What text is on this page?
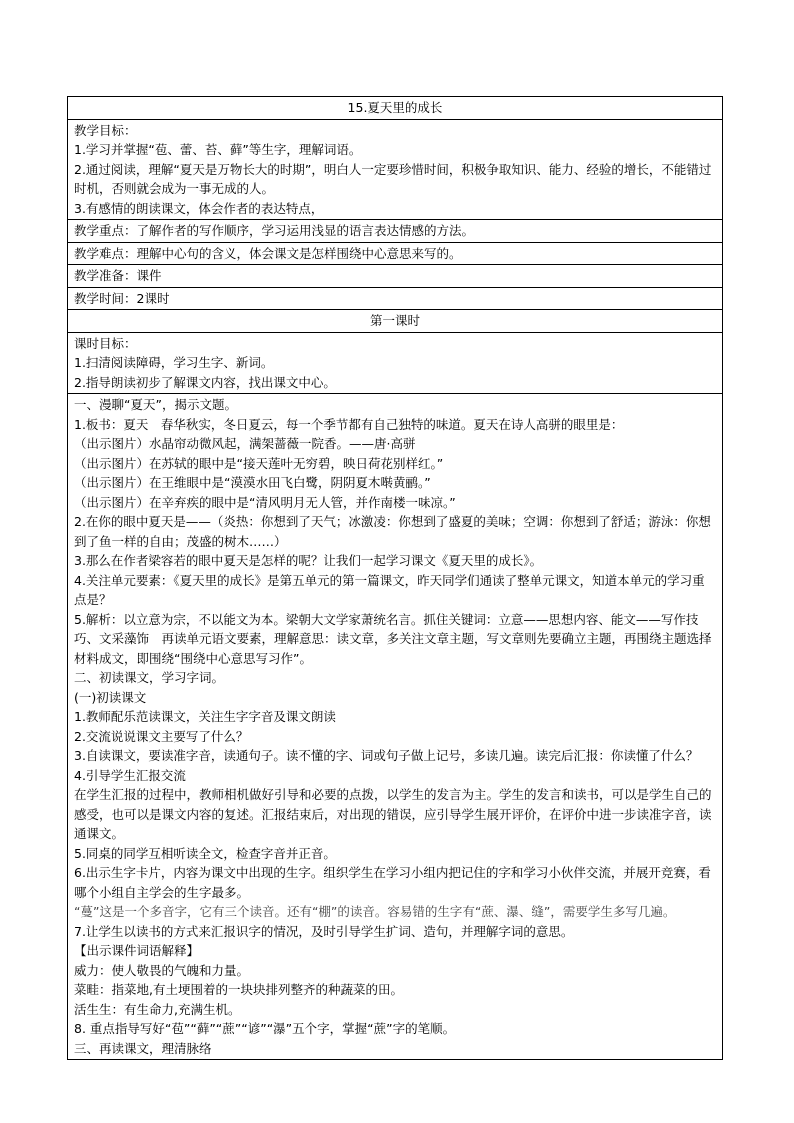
15.夏天里的成长

教学目标：
1.学习并掌握“苞、蕾、苔、藓”等生字，理解词语。
2.通过阅读，理解“夏天是万物长大的时期”，明白人一定要珍惜时间，积极争取知识、能力、经验的增长，不能错过时机，否则就会成为一事无成的人。
3.有感情的朗读课文，体会作者的表达特点，

教学重点：了解作者的写作顺序，学习运用浅显的语言表达情感的方法。
教学难点：理解中心句的含义，体会课文是怎样围绕中心意思来写的。
教学准备：课件
教学时间：2课时
第一课时

课时目标：
1.扫清阅读障碍，学习生字、新词。
2.指导朗读初步了解课文内容，找出课文中心。

一、漫聊“夏天”，揭示文题。
1.板书：夏天　春华秋实，冬日夏云，每一个季节都有自己独特的味道。夏天在诗人高骈的眼里是：
（出示图片）水晶帘动微风起，满架蔷薇一院香。——唐·高骈
（出示图片）在苏轼的眼中是“接天莲叶无穷碧，映日荷花别样红。”
（出示图片）在王维眼中是“漠漠水田飞白鹭，阴阴夏木啭黄鹂。”
（出示图片）在辛弃疾的眼中是“清风明月无人管，并作南楼一味凉。”
2.在你的眼中夏天是——（炎热：你想到了天气；冰激凌：你想到了盛夏的美味；空调：你想到了舒适；游泳：你想到了鱼一样的自由；茂盛的树木……）
3.那么在作者梁容若的眼中夏天是怎样的呢？让我们一起学习课文《夏天里的成长》。
4.关注单元要素：《夏天里的成长》是第五单元的第一篇课文，昨天同学们通读了整单元课文，知道本单元的学习重点是？
5.解析：以立意为宗，不以能文为本。梁朝大文学家萧统名言。抓住关键词：立意——思想内容、能文——写作技巧、文采藻饰　再读单元语文要素，理解意思：读文章，多关注文章主题，写文章则先要确立主题，再围绕主题选择材料成文，即围绕“围绕中心意思写习作”。
二、初读课文，学习字词。
(一)初读课文
1.教师配乐范读课文，关注生字字音及课文朗读
2.交流说说课文主要写了什么？
3.自读课文，要读准字音，读通句子。读不懂的字、词或句子做上记号，多读几遍。读完后汇报：你读懂了什么？
4.引导学生汇报交流
在学生汇报的过程中，教师相机做好引导和必要的点拨，以学生的发言为主。学生的发言和读书，可以是学生自己的感受，也可以是课文内容的复述。汇报结束后，对出现的错误，应引导学生展开评价，在评价中进一步读准字音，读通课文。
5.同桌的同学互相听读全文，检查字音并正音。
6.出示生字卡片，内容为课文中出现的生字。组织学生在学习小组内把记住的字和学习小伙伴交流，并展开竞赛，看哪个小组自主学会的生字最多。
“蔓”这是一个多音字，它有三个读音。还有“棚”的读音。容易错的生字有“蔗、瀑、缝”，需要学生多写几遍。
7.让学生以读书的方式来汇报识字的情况，及时引导学生扩词、造句，并理解字词的意思。
【出示课件词语解释】
威力：使人敬畏的气魄和力量。
菜畦：指菜地,有土埂围着的一块块排列整齐的种蔬菜的田。
活生生：有生命力,充满生机。
8. 重点指导写好“苞”“藓”“蔗”“谚”“瀑”五个字，掌握“蔗”字的笔顺。
三、再读课文，理清脉络
